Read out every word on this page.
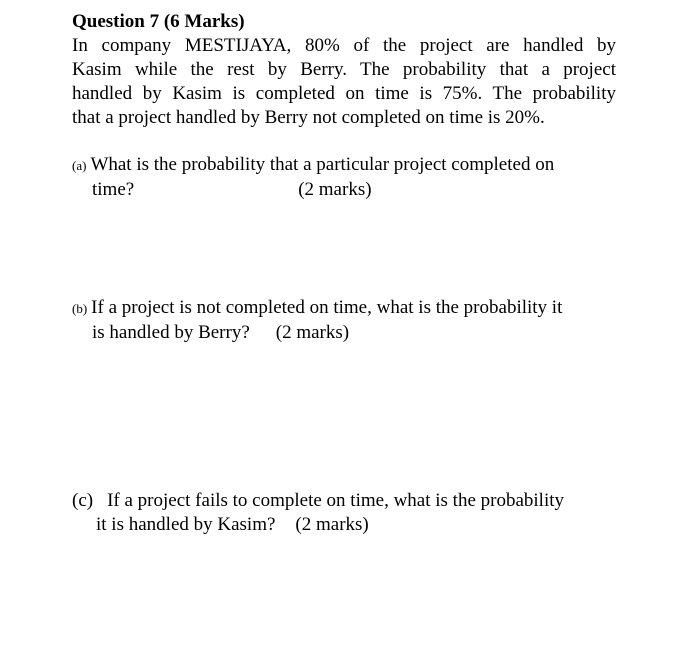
Question 7 (6 Marks)
In company MESTIJAYA, 80% of the project are handled by
Kasim while the rest by Berry. The probability that a project
handled by Kasim is completed on time is 75%. The probability
that a project handled by Berry not completed on time is 20%.
(a) What is the probability that a particular project completed on
time?	(2 marks)
(b) If a project is not completed on time, what is the probability it
is handled by Berry? (2 marks)
(c) If a project fails to complete on time, what is the probability
it is handled by Kasim? (2 marks)
